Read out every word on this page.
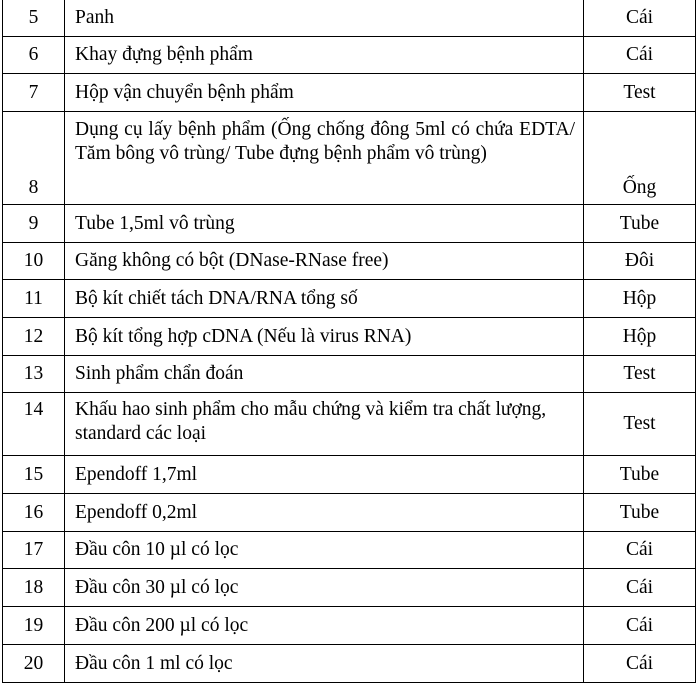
5	Panh	Cái
6	Khay đựng bệnh phẩm	Cái
7	Hộp vận chuyển bệnh phẩm	Test
8	Dụng cụ lấy bệnh phẩm (Ống chống đông 5ml có chứa EDTA/ Tăm bông vô trùng/ Tube đựng bệnh phẩm vô trùng)	Ống
9	Tube 1,5ml vô trùng	Tube
10	Găng không có bột (DNase-RNase free)	Đôi
11	Bộ kít chiết tách DNA/RNA tổng số	Hộp
12	Bộ kít tổng hợp cDNA (Nếu là virus RNA)	Hộp
13	Sinh phẩm chẩn đoán	Test
14	Khấu hao sinh phẩm cho mẫu chứng và kiểm tra chất lượng, standard các loại	Test
15	Ependoff 1,7ml	Tube
16	Ependoff 0,2ml	Tube
17	Đầu côn 10 µl có lọc	Cái
18	Đầu côn 30 µl có lọc	Cái
19	Đầu côn 200 µl có lọc	Cái
20	Đầu côn 1 ml có lọc	Cái
